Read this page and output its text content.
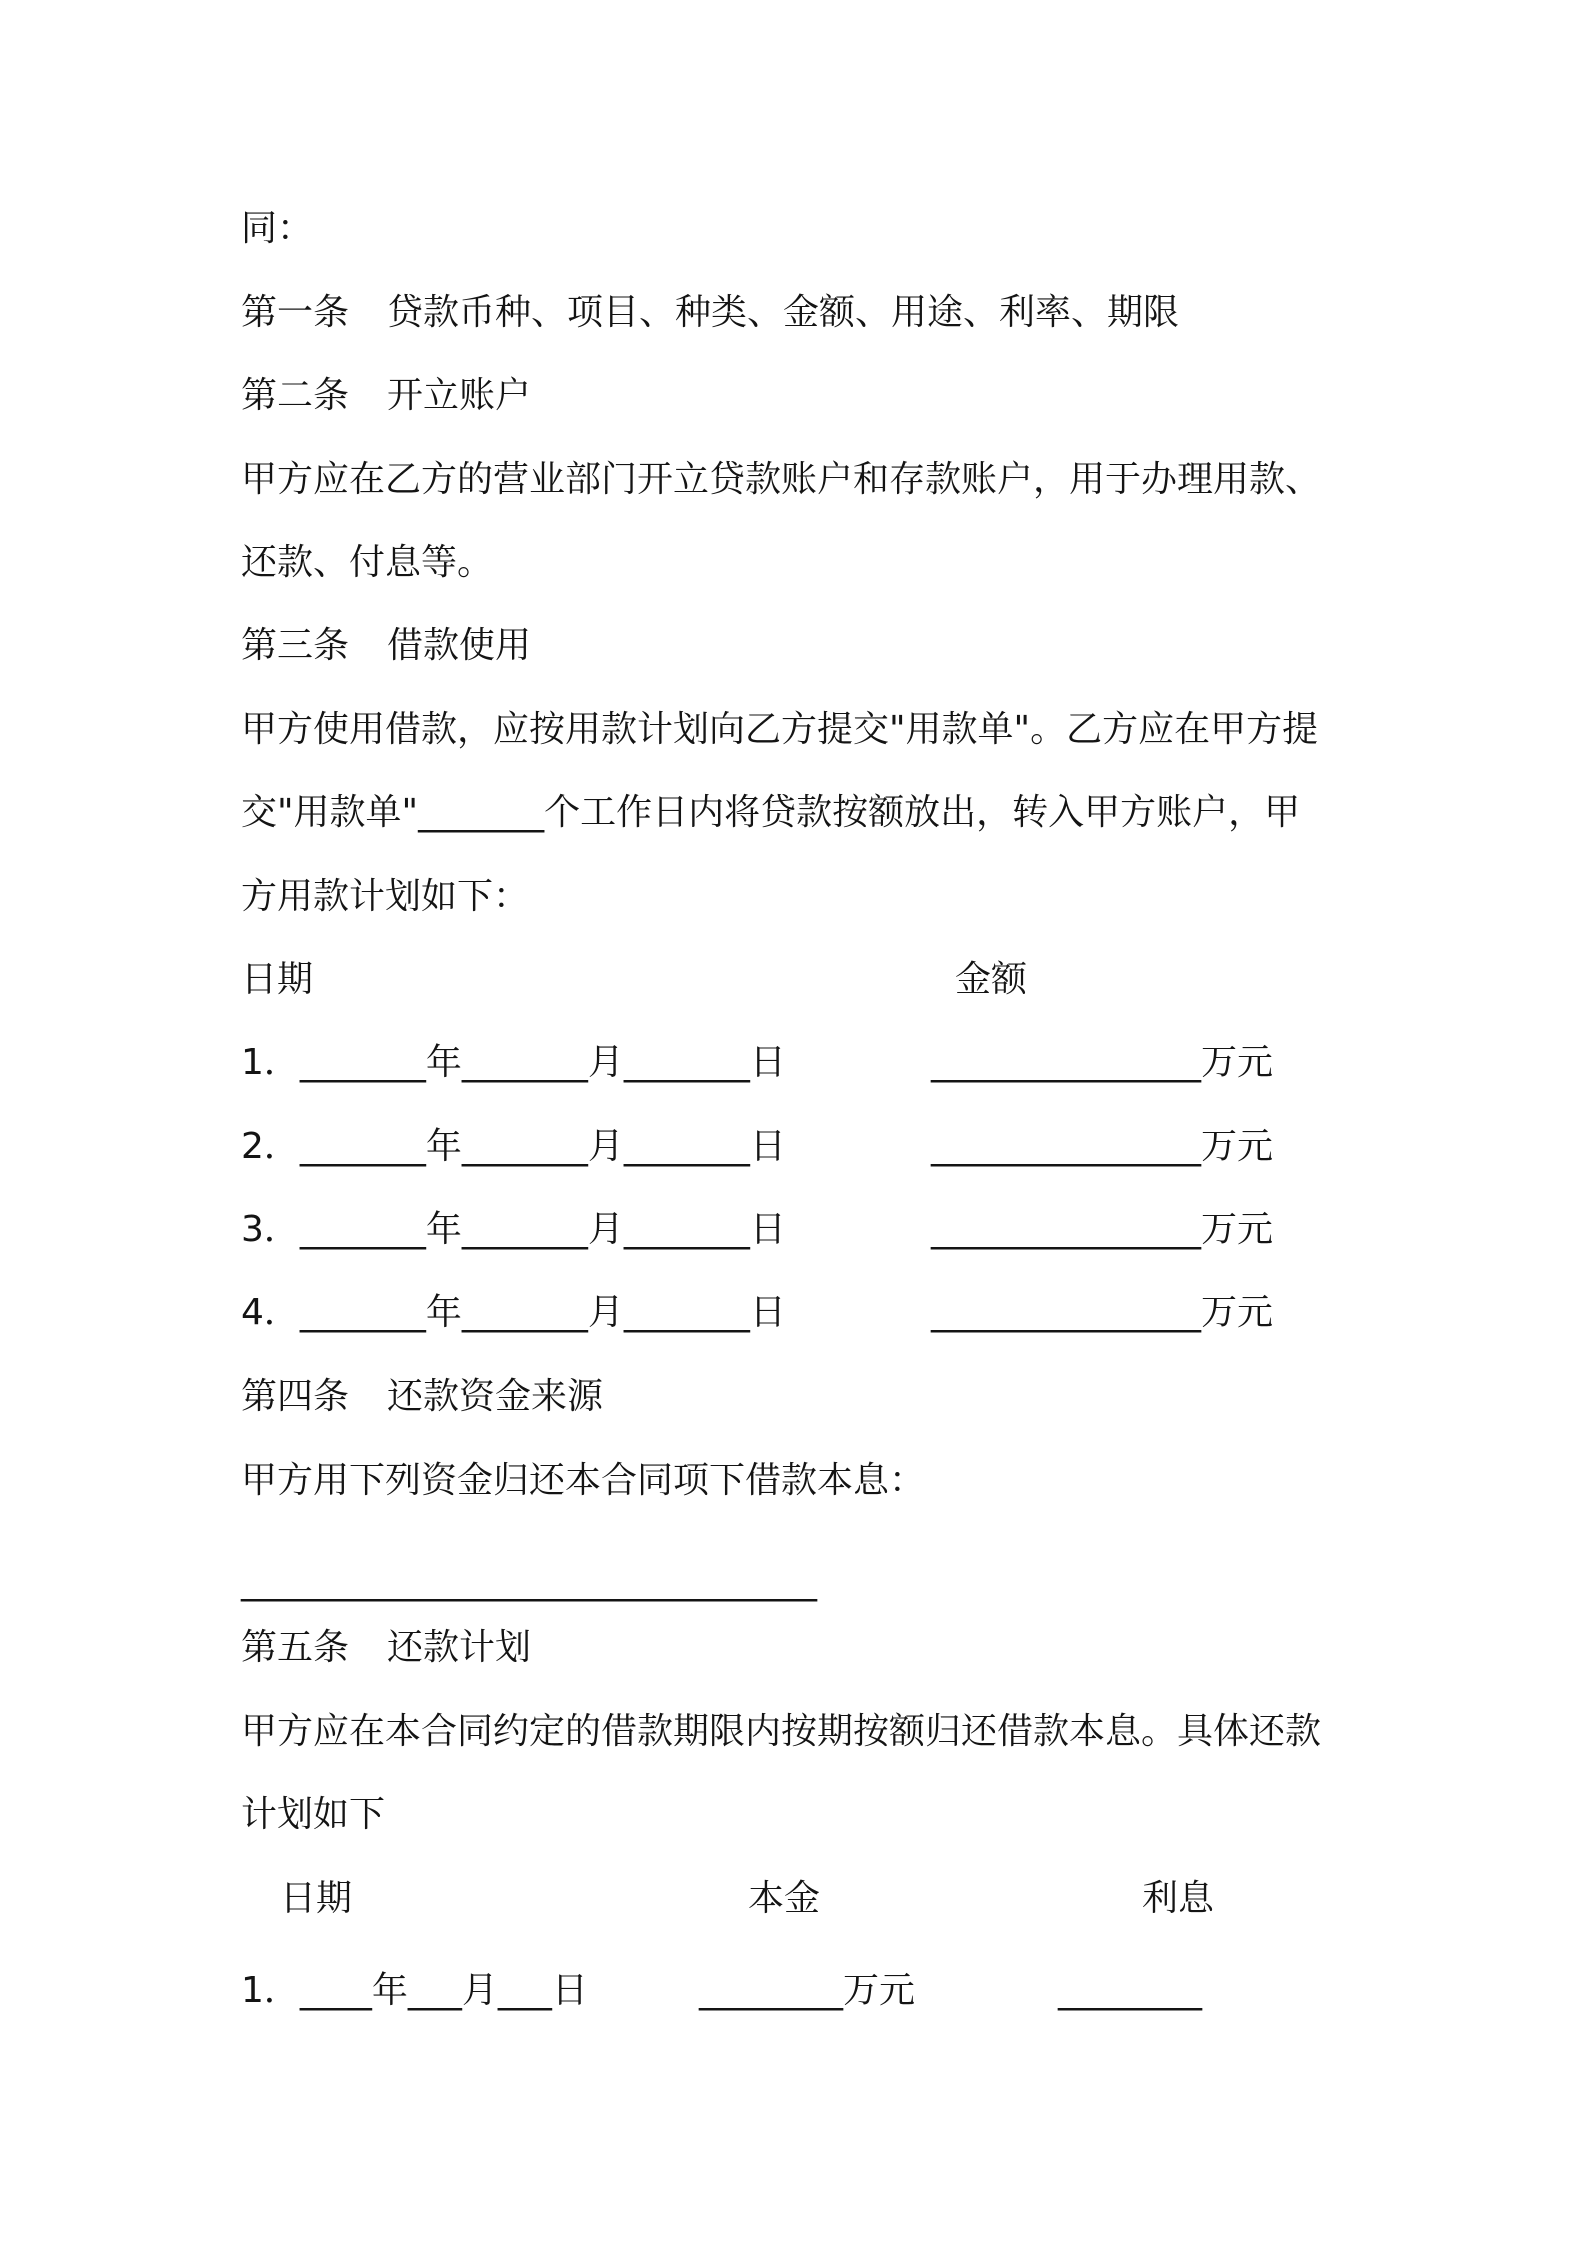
同：
第一条 贷款币种、项目、种类、金额、用途、利率、期限
第二条 开立账户
甲方应在乙方的营业部门开立贷款账户和存款账户，用于办理用款、
还款、付息等。
第三条 借款使用
甲方使用借款，应按用款计划向乙方提交"用款单"。乙方应在甲方提
交"用款单"_______个工作日内将贷款按额放出，转入甲方账户，甲
方用款计划如下：
日期	金额
1．_______年_______月_______日	_______________万元
2．_______年_______月_______日	_______________万元
3．_______年_______月_______日	_______________万元
4．_______年_______月_______日	_______________万元
第四条 还款资金来源
甲方用下列资金归还本合同项下借款本息：
________________________________
第五条 还款计划
甲方应在本合同约定的借款期限内按期按额归还借款本息。具体还款
计划如下
日期	本金	利息
1．____年___月___日	________万元	________
